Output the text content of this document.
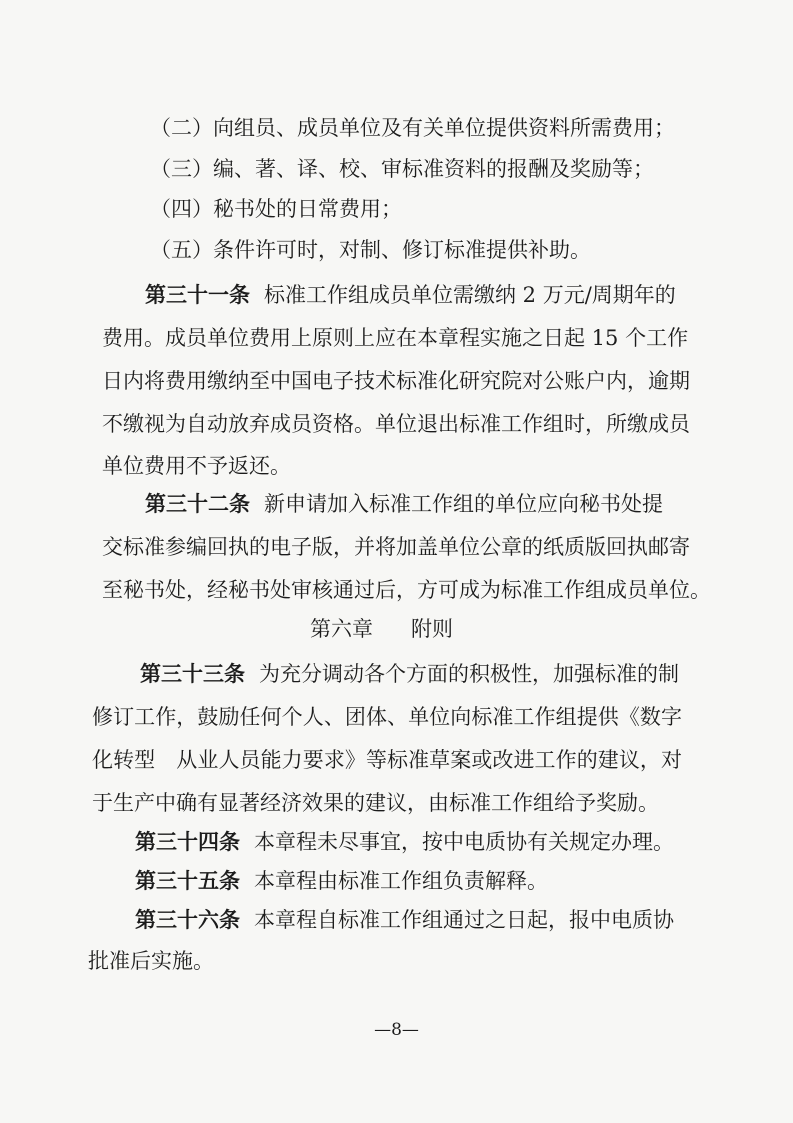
（二）向组员、成员单位及有关单位提供资料所需费用；
（三）编、著、译、校、审标准资料的报酬及奖励等；
（四）秘书处的日常费用；
（五）条件许可时，对制、修订标准提供补助。
第三十一条 标准工作组成员单位需缴纳 2 万元/周期年的
费用。成员单位费用上原则上应在本章程实施之日起 15 个工作
日内将费用缴纳至中国电子技术标准化研究院对公账户内，逾期
不缴视为自动放弃成员资格。单位退出标准工作组时，所缴成员
单位费用不予返还。
第三十二条 新申请加入标准工作组的单位应向秘书处提
交标准参编回执的电子版，并将加盖单位公章的纸质版回执邮寄
至秘书处，经秘书处审核通过后，方可成为标准工作组成员单位。
第六章 附则
第三十三条 为充分调动各个方面的积极性，加强标准的制
修订工作，鼓励任何个人、团体、单位向标准工作组提供《数字
化转型　从业人员能力要求》等标准草案或改进工作的建议，对
于生产中确有显著经济效果的建议，由标准工作组给予奖励。
第三十四条 本章程未尽事宜，按中电质协有关规定办理。
第三十五条 本章程由标准工作组负责解释。
第三十六条 本章程自标准工作组通过之日起，报中电质协
批准后实施。
—8—
